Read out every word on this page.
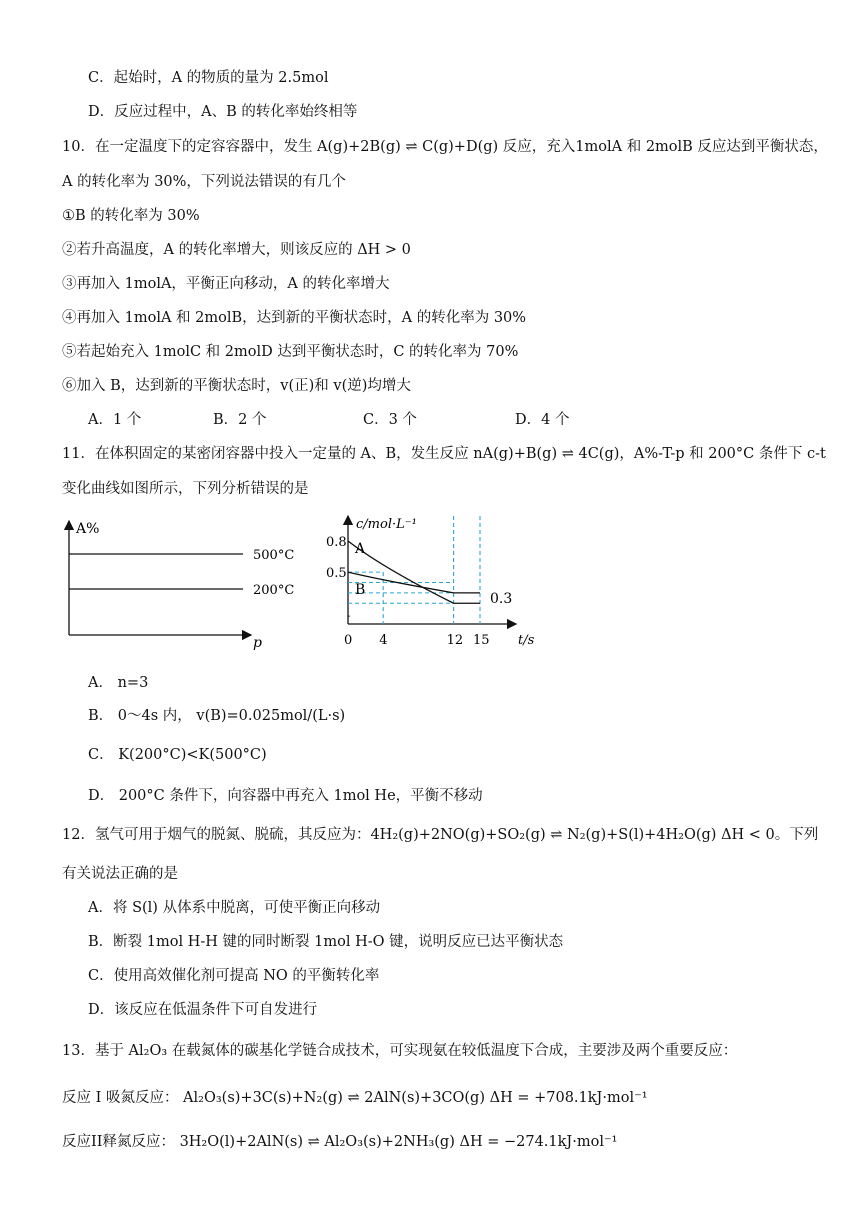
C．起始时，A 的物质的量为 2.5mol
D．反应过程中，A、B 的转化率始终相等
10．在一定温度下的定容容器中，发生 A(g)+2B(g) ⇌ C(g)+D(g) 反应，充入1molA 和 2molB 反应达到平衡状态，
A 的转化率为 30%，下列说法错误的有几个
①B 的转化率为 30%
②若升高温度，A 的转化率增大，则该反应的 ΔH > 0
③再加入 1molA，平衡正向移动，A 的转化率增大
④再加入 1molA 和 2molB，达到新的平衡状态时，A 的转化率为 30%
⑤若起始充入 1molC 和 2molD 达到平衡状态时，C 的转化率为 70%
⑥加入 B，达到新的平衡状态时，v(正)和 v(逆)均增大
A．1 个	B．2 个	C．3 个	D．4 个
11．在体积固定的某密闭容器中投入一定量的 A、B，发生反应 nA(g)+B(g) ⇌ 4C(g)，A%-T-p 和 200°C 条件下 c-t
变化曲线如图所示，下列分析错误的是
A%
p
500°C
200°C
c/mol·L⁻¹
t/s
A
B
0.8
0.5
0 4	12 15
0.3
-
A． n=3
B． 0～4s 内， v(B)=0.025mol/(L·s)
C． K(200°C)<K(500°C)
D． 200°C 条件下，向容器中再充入 1mol He，平衡不移动
12．氢气可用于烟气的脱氮、脱硫，其反应为：4H₂(g)+2NO(g)+SO₂(g) ⇌ N₂(g)+S(l)+4H₂O(g) ΔH < 0。下列
有关说法正确的是
A．将 S(l) 从体系中脱离，可使平衡正向移动
B．断裂 1mol H-H 键的同时断裂 1mol H-O 键，说明反应已达平衡状态
C．使用高效催化剂可提高 NO 的平衡转化率
D．该反应在低温条件下可自发进行
13．基于 Al₂O₃ 在载氮体的碳基化学链合成技术，可实现氨在较低温度下合成，主要涉及两个重要反应：
反应 I 吸氮反应： Al₂O₃(s)+3C(s)+N₂(g) ⇌ 2AlN(s)+3CO(g) ΔH = +708.1kJ·mol⁻¹
反应II释氮反应： 3H₂O(l)+2AlN(s) ⇌ Al₂O₃(s)+2NH₃(g) ΔH = −274.1kJ·mol⁻¹
